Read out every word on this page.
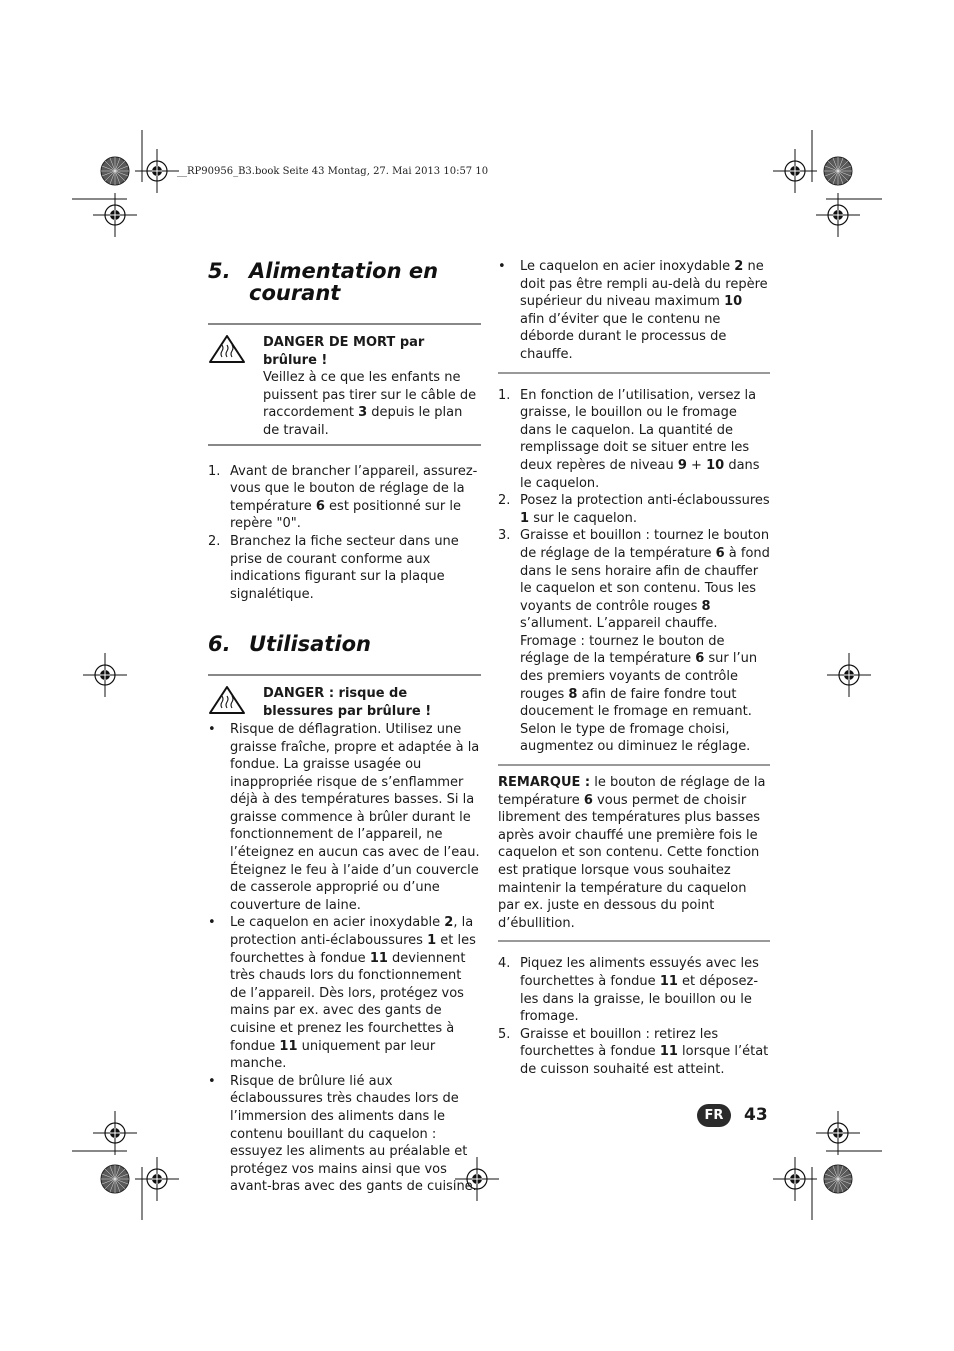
__RP90956_B3.book Seite 43 Montag, 27. Mai 2013 10:57 10
5. Alimentation en
courant
DANGER DE MORT par
brûlure !
Veillez à ce que les enfants ne puissent pas tirer sur le câble de raccordement 3 depuis le plan de travail.
1. Avant de brancher l’appareil, assurez-vous que le bouton de réglage de la température 6 est positionné sur le repère "0".
2. Branchez la fiche secteur dans une prise de courant conforme aux indications figurant sur la plaque signalétique.
6. Utilisation
DANGER : risque de
blessures par brûlure !
•	Risque de déflagration. Utilisez une graisse fraîche, propre et adaptée à la fondue. La graisse usagée ou inappropriée risque de s’enflammer déjà à des températures basses. Si la graisse commence à brûler durant le fonctionnement de l’appareil, ne l’éteignez en aucun cas avec de l’eau. Éteignez le feu à l’aide d’un couvercle de casserole approprié ou d’une couverture de laine.
•	Le caquelon en acier inoxydable 2, la protection anti-éclaboussures 1 et les fourchettes à fondue 11 deviennent très chauds lors du fonctionnement de l’appareil. Dès lors, protégez vos mains par ex. avec des gants de cuisine et prenez les fourchettes à fondue 11 uniquement par leur manche.
•	Risque de brûlure lié aux éclaboussures très chaudes lors de l’immersion des aliments dans le contenu bouillant du caquelon : essuyez les aliments au préalable et protégez vos mains ainsi que vos avant-bras avec des gants de cuisine.
•	Le caquelon en acier inoxydable 2 ne doit pas être rempli au-delà du repère supérieur du niveau maximum 10 afin d’éviter que le contenu ne déborde durant le processus de chauffe.
1. En fonction de l’utilisation, versez la graisse, le bouillon ou le fromage dans le caquelon. La quantité de remplissage doit se situer entre les deux repères de niveau 9 + 10 dans le caquelon.
2. Posez la protection anti-éclaboussures 1 sur le caquelon.
3. Graisse et bouillon : tournez le bouton de réglage de la température 6 à fond dans le sens horaire afin de chauffer le caquelon et son contenu. Tous les voyants de contrôle rouges 8 s’allument. L’appareil chauffe.
Fromage : tournez le bouton de réglage de la température 6 sur l’un des premiers voyants de contrôle rouges 8 afin de faire fondre tout doucement le fromage en remuant. Selon le type de fromage choisi, augmentez ou diminuez le réglage.
REMARQUE : le bouton de réglage de la température 6 vous permet de choisir librement des températures plus basses après avoir chauffé une première fois le caquelon et son contenu. Cette fonction est pratique lorsque vous souhaitez maintenir la température du caquelon par ex. juste en dessous du point d’ébullition.
4. Piquez les aliments essuyés avec les fourchettes à fondue 11 et déposez-les dans la graisse, le bouillon ou le fromage.
5. Graisse et bouillon : retirez les fourchettes à fondue 11 lorsque l’état de cuisson souhaité est atteint.
FR	43
